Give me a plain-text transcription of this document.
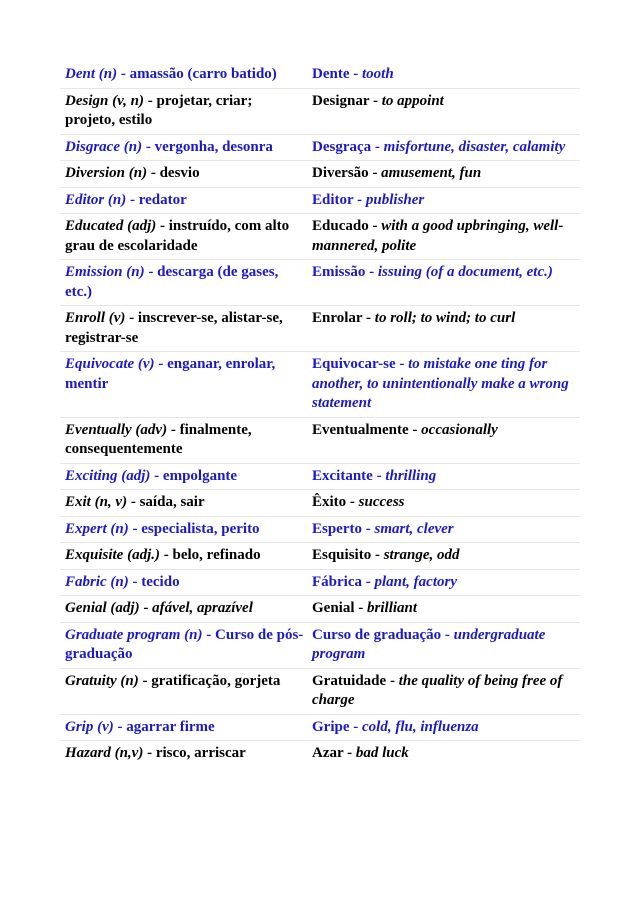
Dent (n) - amassão (carro batido)	Dente - tooth
Design (v, n) - projetar, criar; projeto, estilo	Designar - to appoint
Disgrace (n) - vergonha, desonra	Desgraça - misfortune, disaster, calamity
Diversion (n) - desvio	Diversão - amusement, fun
Editor (n) - redator	Editor - publisher
Educated (adj) - instruído, com alto grau de escolaridade	Educado - with a good upbringing, well-mannered, polite
Emission (n) - descarga (de gases, etc.)	Emissão - issuing (of a document, etc.)
Enroll (v) - inscrever-se, alistar-se, registrar-se	Enrolar - to roll; to wind; to curl
Equivocate (v) - enganar, enrolar, mentir	Equivocar-se - to mistake one ting for another, to unintentionally make a wrong statement
Eventually (adv) - finalmente, consequentemente	Eventualmente - occasionally
Exciting (adj) - empolgante	Excitante - thrilling
Exit (n, v) - saída, sair	Êxito - success
Expert (n) - especialista, perito	Esperto - smart, clever
Exquisite (adj.) - belo, refinado	Esquisito - strange, odd
Fabric (n) - tecido	Fábrica - plant, factory
Genial (adj) - afável, aprazível	Genial - brilliant
Graduate program (n) - Curso de pós-graduação	Curso de graduação - undergraduate program
Gratuity (n) - gratificação, gorjeta	Gratuidade - the quality of being free of charge
Grip (v) - agarrar firme	Gripe - cold, flu, influenza
Hazard (n,v) - risco, arriscar	Azar - bad luck
